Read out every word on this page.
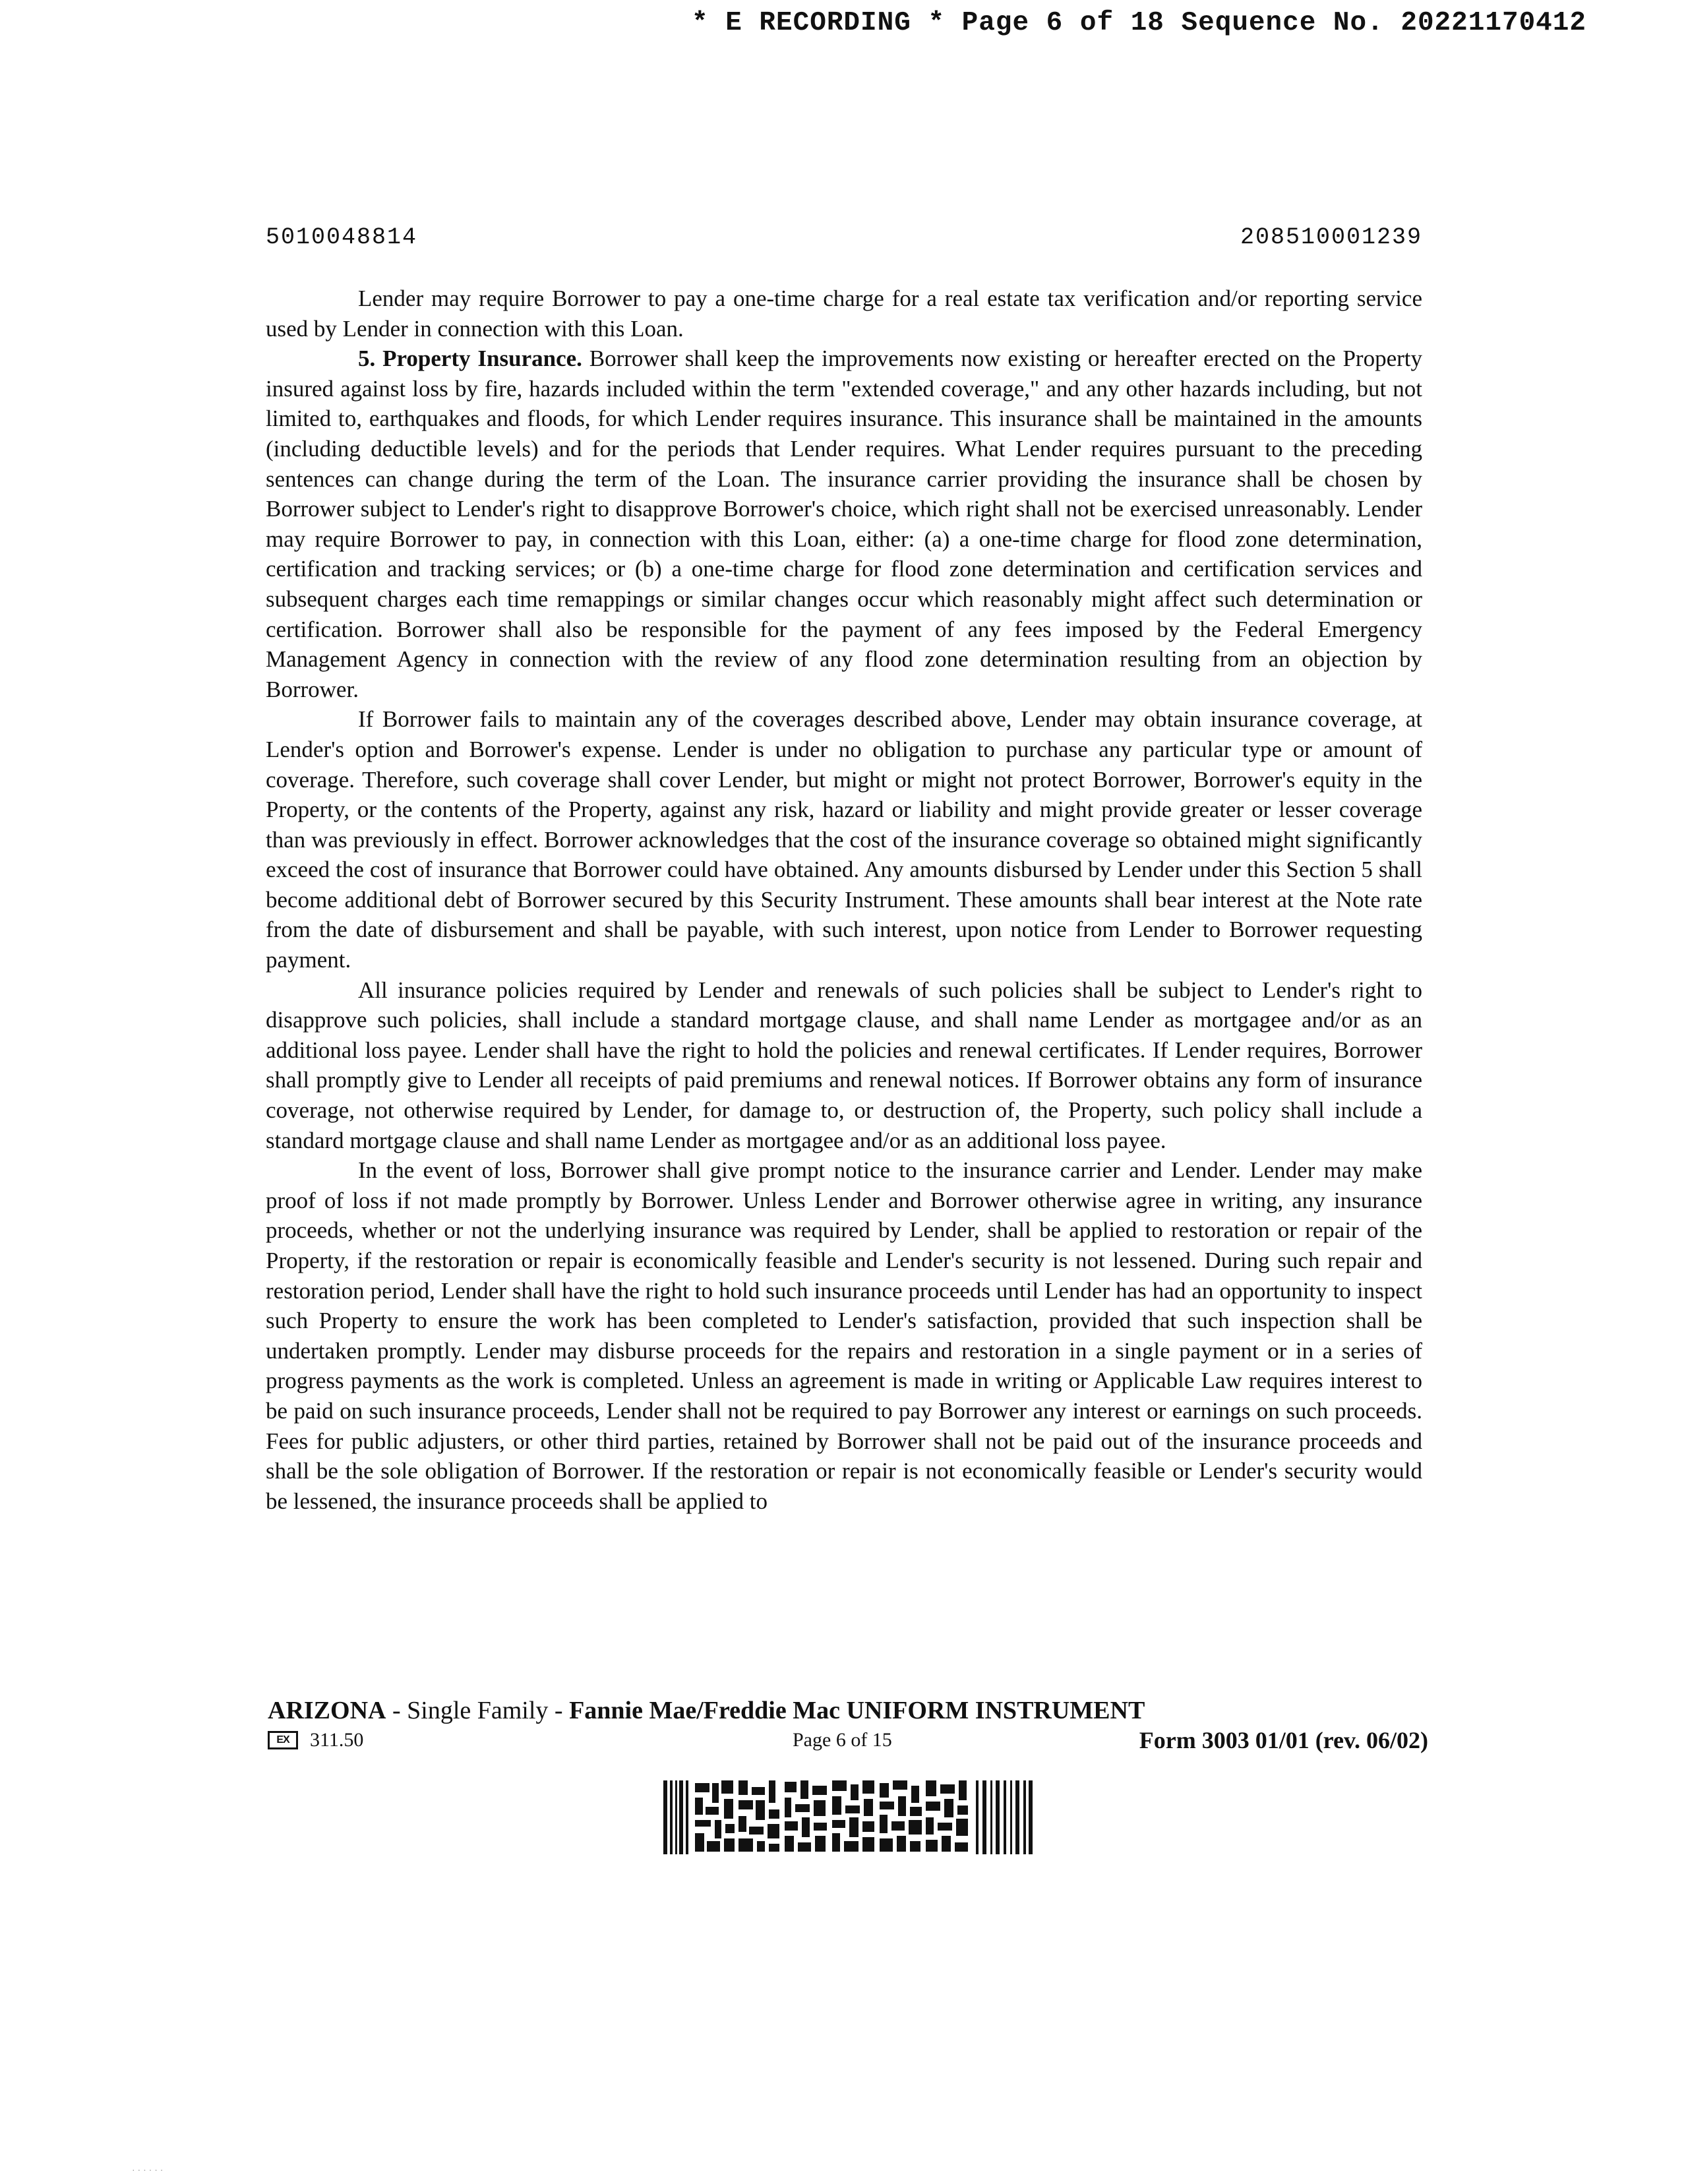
* E RECORDING * Page 6 of 18 Sequence No. 20221170412
5010048814	208510001239

Lender may require Borrower to pay a one-time charge for a real estate tax verification and/or reporting service used by Lender in connection with this Loan.

5. Property Insurance. Borrower shall keep the improvements now existing or hereafter erected on the Property insured against loss by fire, hazards included within the term "extended coverage," and any other hazards including, but not limited to, earthquakes and floods, for which Lender requires insurance. This insurance shall be maintained in the amounts (including deductible levels) and for the periods that Lender requires. What Lender requires pursuant to the preceding sentences can change during the term of the Loan. The insurance carrier providing the insurance shall be chosen by Borrower subject to Lender's right to disapprove Borrower's choice, which right shall not be exercised unreasonably. Lender may require Borrower to pay, in connection with this Loan, either: (a) a one-time charge for flood zone determination, certification and tracking services; or (b) a one-time charge for flood zone determination and certification services and subsequent charges each time remappings or similar changes occur which reasonably might affect such determination or certification. Borrower shall also be responsible for the payment of any fees imposed by the Federal Emergency Management Agency in connection with the review of any flood zone determination resulting from an objection by Borrower.

If Borrower fails to maintain any of the coverages described above, Lender may obtain insurance coverage, at Lender's option and Borrower's expense. Lender is under no obligation to purchase any particular type or amount of coverage. Therefore, such coverage shall cover Lender, but might or might not protect Borrower, Borrower's equity in the Property, or the contents of the Property, against any risk, hazard or liability and might provide greater or lesser coverage than was previously in effect. Borrower acknowledges that the cost of the insurance coverage so obtained might significantly exceed the cost of insurance that Borrower could have obtained. Any amounts disbursed by Lender under this Section 5 shall become additional debt of Borrower secured by this Security Instrument. These amounts shall bear interest at the Note rate from the date of disbursement and shall be payable, with such interest, upon notice from Lender to Borrower requesting payment.

All insurance policies required by Lender and renewals of such policies shall be subject to Lender's right to disapprove such policies, shall include a standard mortgage clause, and shall name Lender as mortgagee and/or as an additional loss payee. Lender shall have the right to hold the policies and renewal certificates. If Lender requires, Borrower shall promptly give to Lender all receipts of paid premiums and renewal notices. If Borrower obtains any form of insurance coverage, not otherwise required by Lender, for damage to, or destruction of, the Property, such policy shall include a standard mortgage clause and shall name Lender as mortgagee and/or as an additional loss payee.

In the event of loss, Borrower shall give prompt notice to the insurance carrier and Lender. Lender may make proof of loss if not made promptly by Borrower. Unless Lender and Borrower otherwise agree in writing, any insurance proceeds, whether or not the underlying insurance was required by Lender, shall be applied to restoration or repair of the Property, if the restoration or repair is economically feasible and Lender's security is not lessened. During such repair and restoration period, Lender shall have the right to hold such insurance proceeds until Lender has had an opportunity to inspect such Property to ensure the work has been completed to Lender's satisfaction, provided that such inspection shall be undertaken promptly. Lender may disburse proceeds for the repairs and restoration in a single payment or in a series of progress payments as the work is completed. Unless an agreement is made in writing or Applicable Law requires interest to be paid on such insurance proceeds, Lender shall not be required to pay Borrower any interest or earnings on such proceeds. Fees for public adjusters, or other third parties, retained by Borrower shall not be paid out of the insurance proceeds and shall be the sole obligation of Borrower. If the restoration or repair is not economically feasible or Lender's security would be lessened, the insurance proceeds shall be applied to

ARIZONA - Single Family - Fannie Mae/Freddie Mac UNIFORM INSTRUMENT
EX	311.50	Page 6 of 15	Form 3003 01/01 (rev. 06/02)
· · · · · ·
